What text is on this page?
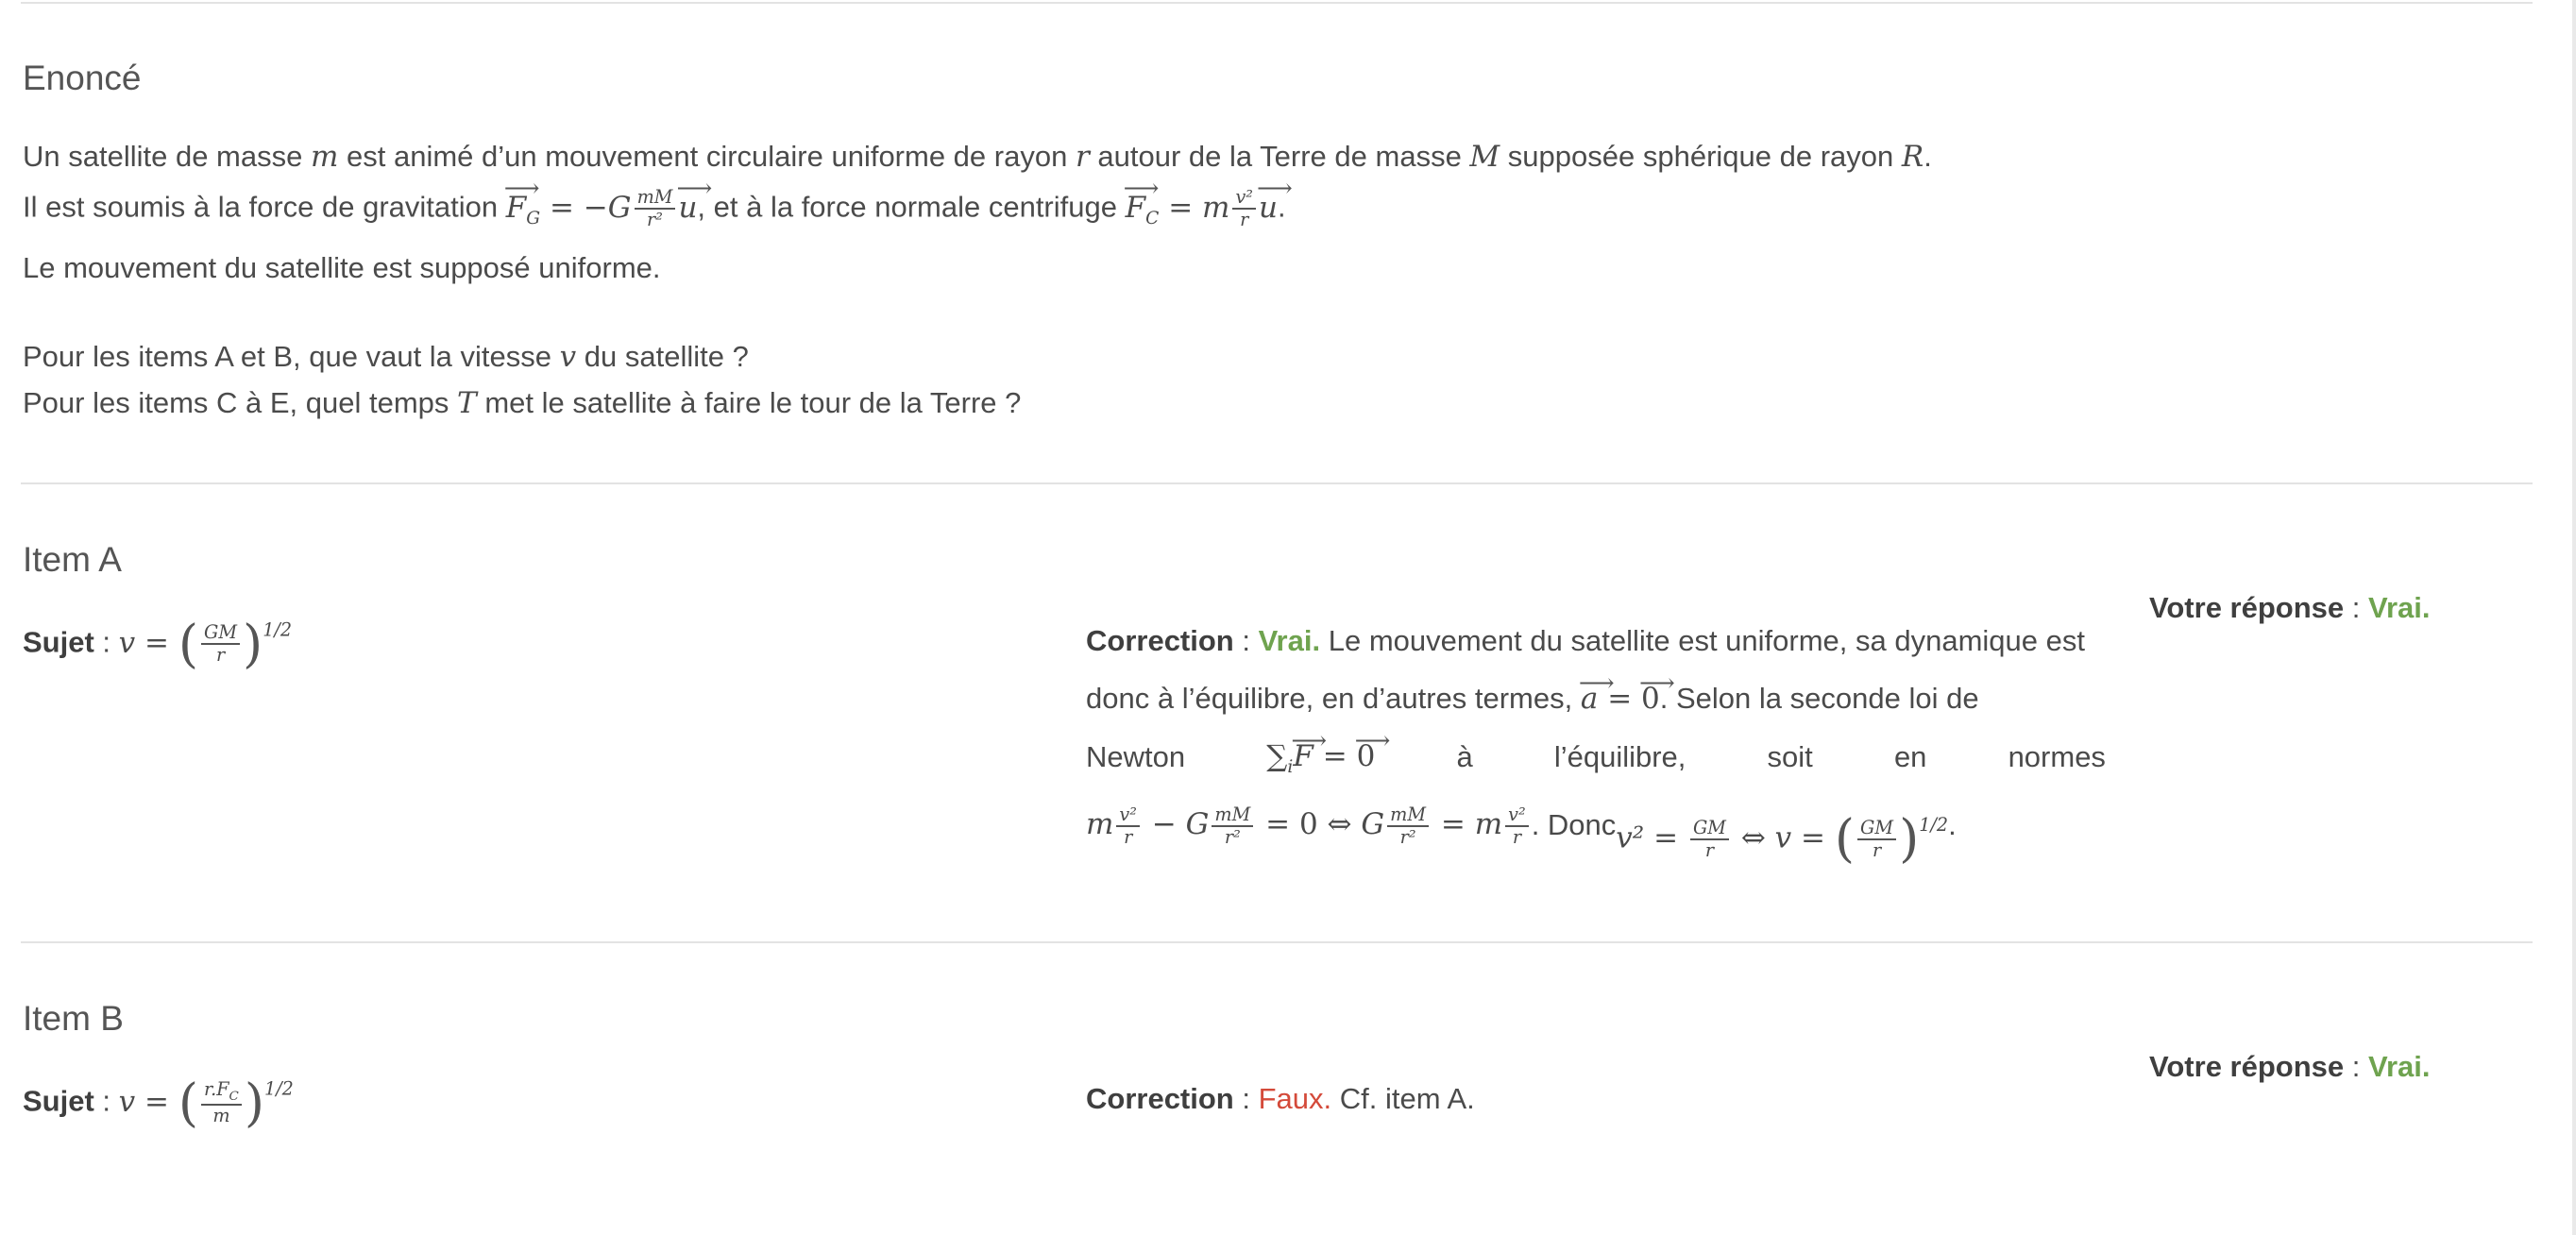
Enoncé
Un satellite de masse m est animé d’un mouvement circulaire uniforme de rayon r autour de la Terre de masse M supposée sphérique de rayon R.
Il est soumis à la force de gravitation ⟶ $F_G = -G \frac{mM}{\text{r²}}$ ⟶ u, et à la force normale centrifuge ⟶ $F_C = m \frac{\text{v²}}{r}$ ⟶ u.
Le mouvement du satellite est supposé uniforme.
Pour les items A et B, que vaut la vitesse v du satellite ?
Pour les items C à E, quel temps T met le satellite à faire le tour de la Terre ?
Item A
Sujet : v = ( $\frac{GM}{r} )^{1/2}$	Correction : Vrai. Le mouvement du satellite est uniforme, sa dynamique est
donc à l’équilibre, en d’autres termes, ⟶ a = ⟶ 0. Selon la seconde loi de
Newton	$\sum_i⟶$ F = ⟶ 0	à	l’équilibre,	soit	en	normes
m $\frac{\text{v²}}{r} - G \frac{mM}{\text{r²}} = 0$ ⇔ G $\frac{mM}{\text{r²}} = m \frac{\text{v²}}{r}$ . Donc $v^2 = \frac{GM}{r}$ ⇔ v = ( $\frac{GM}{r} )^{1/2}$ .
Votre réponse : Vrai.
Item B
Sujet : v = ( $\frac{r.F_C}{m} )^{1/2}$	Correction : Faux. Cf. item A.
Votre réponse : Vrai.
